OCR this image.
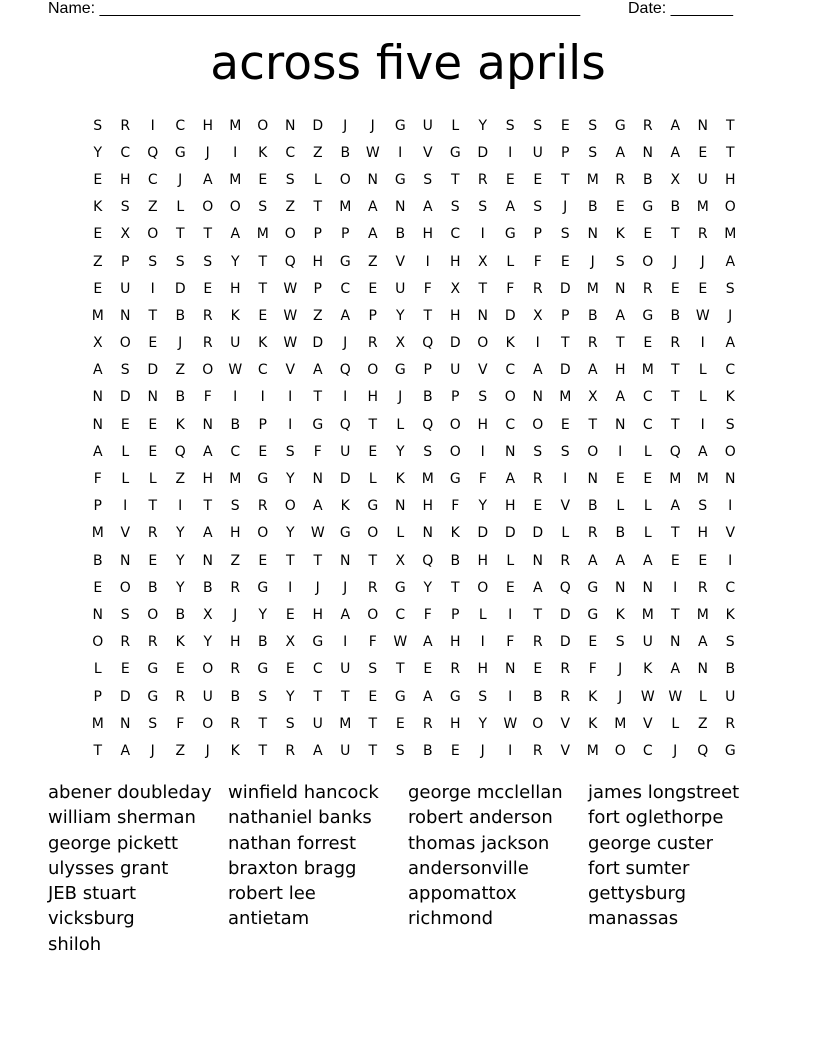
Name: ______________________________________________________	Date: _______
across five aprils
S	R	I	C	H	M	O	N	D	J	J	G	U	L	Y	S	S	E	S	G	R	A	N	T
Y	C	Q	G	J	I	K	C	Z	B	W	I	V	G	D	I	U	P	S	A	N	A	E	T
E	H	C	J	A	M	E	S	L	O	N	G	S	T	R	E	E	T	M	R	B	X	U	H
K	S	Z	L	O	O	S	Z	T	M	A	N	A	S	S	A	S	J	B	E	G	B	M	O
E	X	O	T	T	A	M	O	P	P	A	B	H	C	I	G	P	S	N	K	E	T	R	M
Z	P	S	S	S	Y	T	Q	H	G	Z	V	I	H	X	L	F	E	J	S	O	J	J	A
E	U	I	D	E	H	T	W	P	C	E	U	F	X	T	F	R	D	M	N	R	E	E	S
M	N	T	B	R	K	E	W	Z	A	P	Y	T	H	N	D	X	P	B	A	G	B	W	J
X	O	E	J	R	U	K	W	D	J	R	X	Q	D	O	K	I	T	R	T	E	R	I	A
A	S	D	Z	O	W	C	V	A	Q	O	G	P	U	V	C	A	D	A	H	M	T	L	C
N	D	N	B	F	I	I	I	T	I	H	J	B	P	S	O	N	M	X	A	C	T	L	K
N	E	E	K	N	B	P	I	G	Q	T	L	Q	O	H	C	O	E	T	N	C	T	I	S
A	L	E	Q	A	C	E	S	F	U	E	Y	S	O	I	N	S	S	O	I	L	Q	A	O
F	L	L	Z	H	M	G	Y	N	D	L	K	M	G	F	A	R	I	N	E	E	M	M	N
P	I	T	I	T	S	R	O	A	K	G	N	H	F	Y	H	E	V	B	L	L	A	S	I
M	V	R	Y	A	H	O	Y	W	G	O	L	N	K	D	D	D	L	R	B	L	T	H	V
B	N	E	Y	N	Z	E	T	T	N	T	X	Q	B	H	L	N	R	A	A	A	E	E	I
E	O	B	Y	B	R	G	I	J	J	R	G	Y	T	O	E	A	Q	G	N	N	I	R	C
N	S	O	B	X	J	Y	E	H	A	O	C	F	P	L	I	T	D	G	K	M	T	M	K
O	R	R	K	Y	H	B	X	G	I	F	W	A	H	I	F	R	D	E	S	U	N	A	S
L	E	G	E	O	R	G	E	C	U	S	T	E	R	H	N	E	R	F	J	K	A	N	B
P	D	G	R	U	B	S	Y	T	T	E	G	A	G	S	I	B	R	K	J	W W	L	U
M	N	S	F	O	R	T	S	U	M	T	E	R	H	Y	W	O	V	K	M	V	L	Z	R
T	A	J	Z	J	K	T	R	A	U	T	S	B	E	J	I	R	V	M	O	C	J	Q	G
abener doubleday
william sherman
george pickett
ulysses grant
JEB stuart
vicksburg
shiloh
winfield hancock
nathaniel banks
nathan forrest
braxton bragg
robert lee
antietam
george mcclellan
robert anderson
thomas jackson
andersonville
appomattox
richmond
james longstreet
fort oglethorpe
george custer
fort sumter
gettysburg
manassas
